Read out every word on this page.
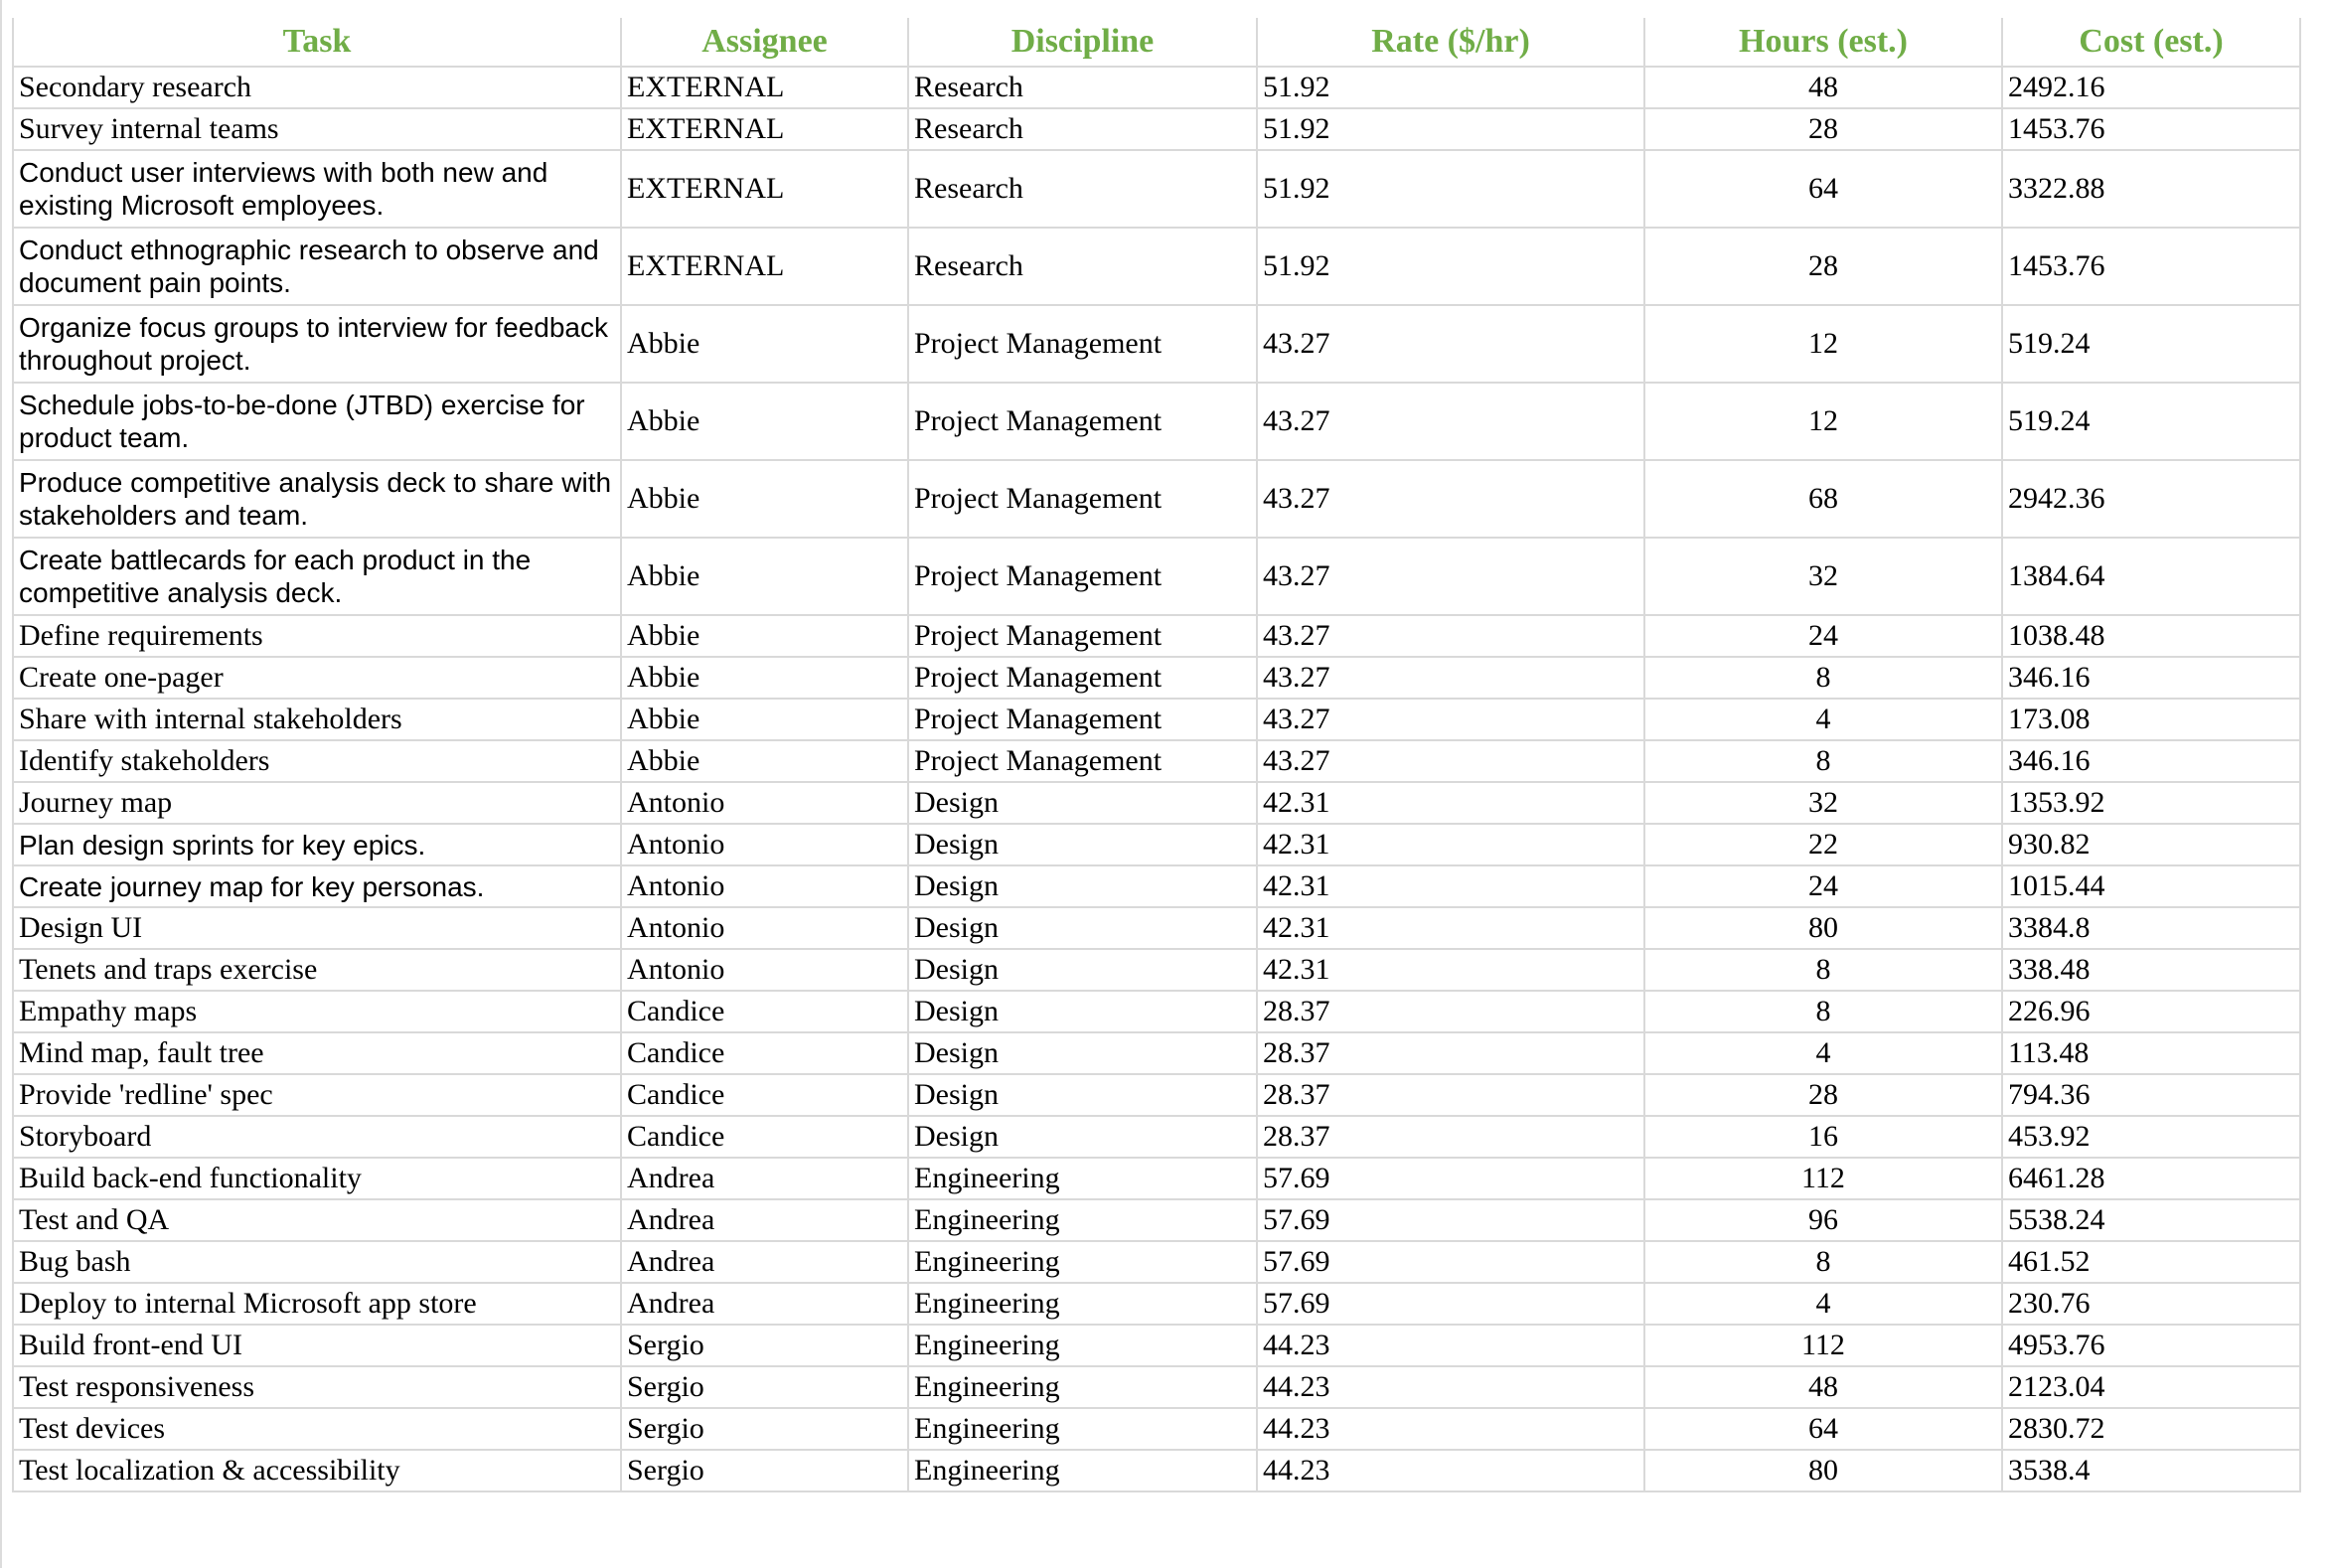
Task	Assignee	Discipline	Rate ($/hr)	Hours (est.)	Cost (est.)
Secondary research	EXTERNAL	Research	51.92	48	2492.16
Survey internal teams	EXTERNAL	Research	51.92	28	1453.76
Conduct user interviews with both new and existing Microsoft employees.	EXTERNAL	Research	51.92	64	3322.88
Conduct ethnographic research to observe and document pain points.	EXTERNAL	Research	51.92	28	1453.76
Organize focus groups to interview for feedback throughout project.	Abbie	Project Management	43.27	12	519.24
Schedule jobs-to-be-done (JTBD) exercise for product team.	Abbie	Project Management	43.27	12	519.24
Produce competitive analysis deck to share with stakeholders and team.	Abbie	Project Management	43.27	68	2942.36
Create battlecards for each product in the competitive analysis deck.	Abbie	Project Management	43.27	32	1384.64
Define requirements	Abbie	Project Management	43.27	24	1038.48
Create one-pager	Abbie	Project Management	43.27	8	346.16
Share with internal stakeholders	Abbie	Project Management	43.27	4	173.08
Identify stakeholders	Abbie	Project Management	43.27	8	346.16
Journey map	Antonio	Design	42.31	32	1353.92
Plan design sprints for key epics.	Antonio	Design	42.31	22	930.82
Create journey map for key personas.	Antonio	Design	42.31	24	1015.44
Design UI	Antonio	Design	42.31	80	3384.8
Tenets and traps exercise	Antonio	Design	42.31	8	338.48
Empathy maps	Candice	Design	28.37	8	226.96
Mind map, fault tree	Candice	Design	28.37	4	113.48
Provide 'redline' spec	Candice	Design	28.37	28	794.36
Storyboard	Candice	Design	28.37	16	453.92
Build back-end functionality	Andrea	Engineering	57.69	112	6461.28
Test and QA	Andrea	Engineering	57.69	96	5538.24
Bug bash	Andrea	Engineering	57.69	8	461.52
Deploy to internal Microsoft app store	Andrea	Engineering	57.69	4	230.76
Build front-end UI	Sergio	Engineering	44.23	112	4953.76
Test responsiveness	Sergio	Engineering	44.23	48	2123.04
Test devices	Sergio	Engineering	44.23	64	2830.72
Test localization & accessibility	Sergio	Engineering	44.23	80	3538.4
